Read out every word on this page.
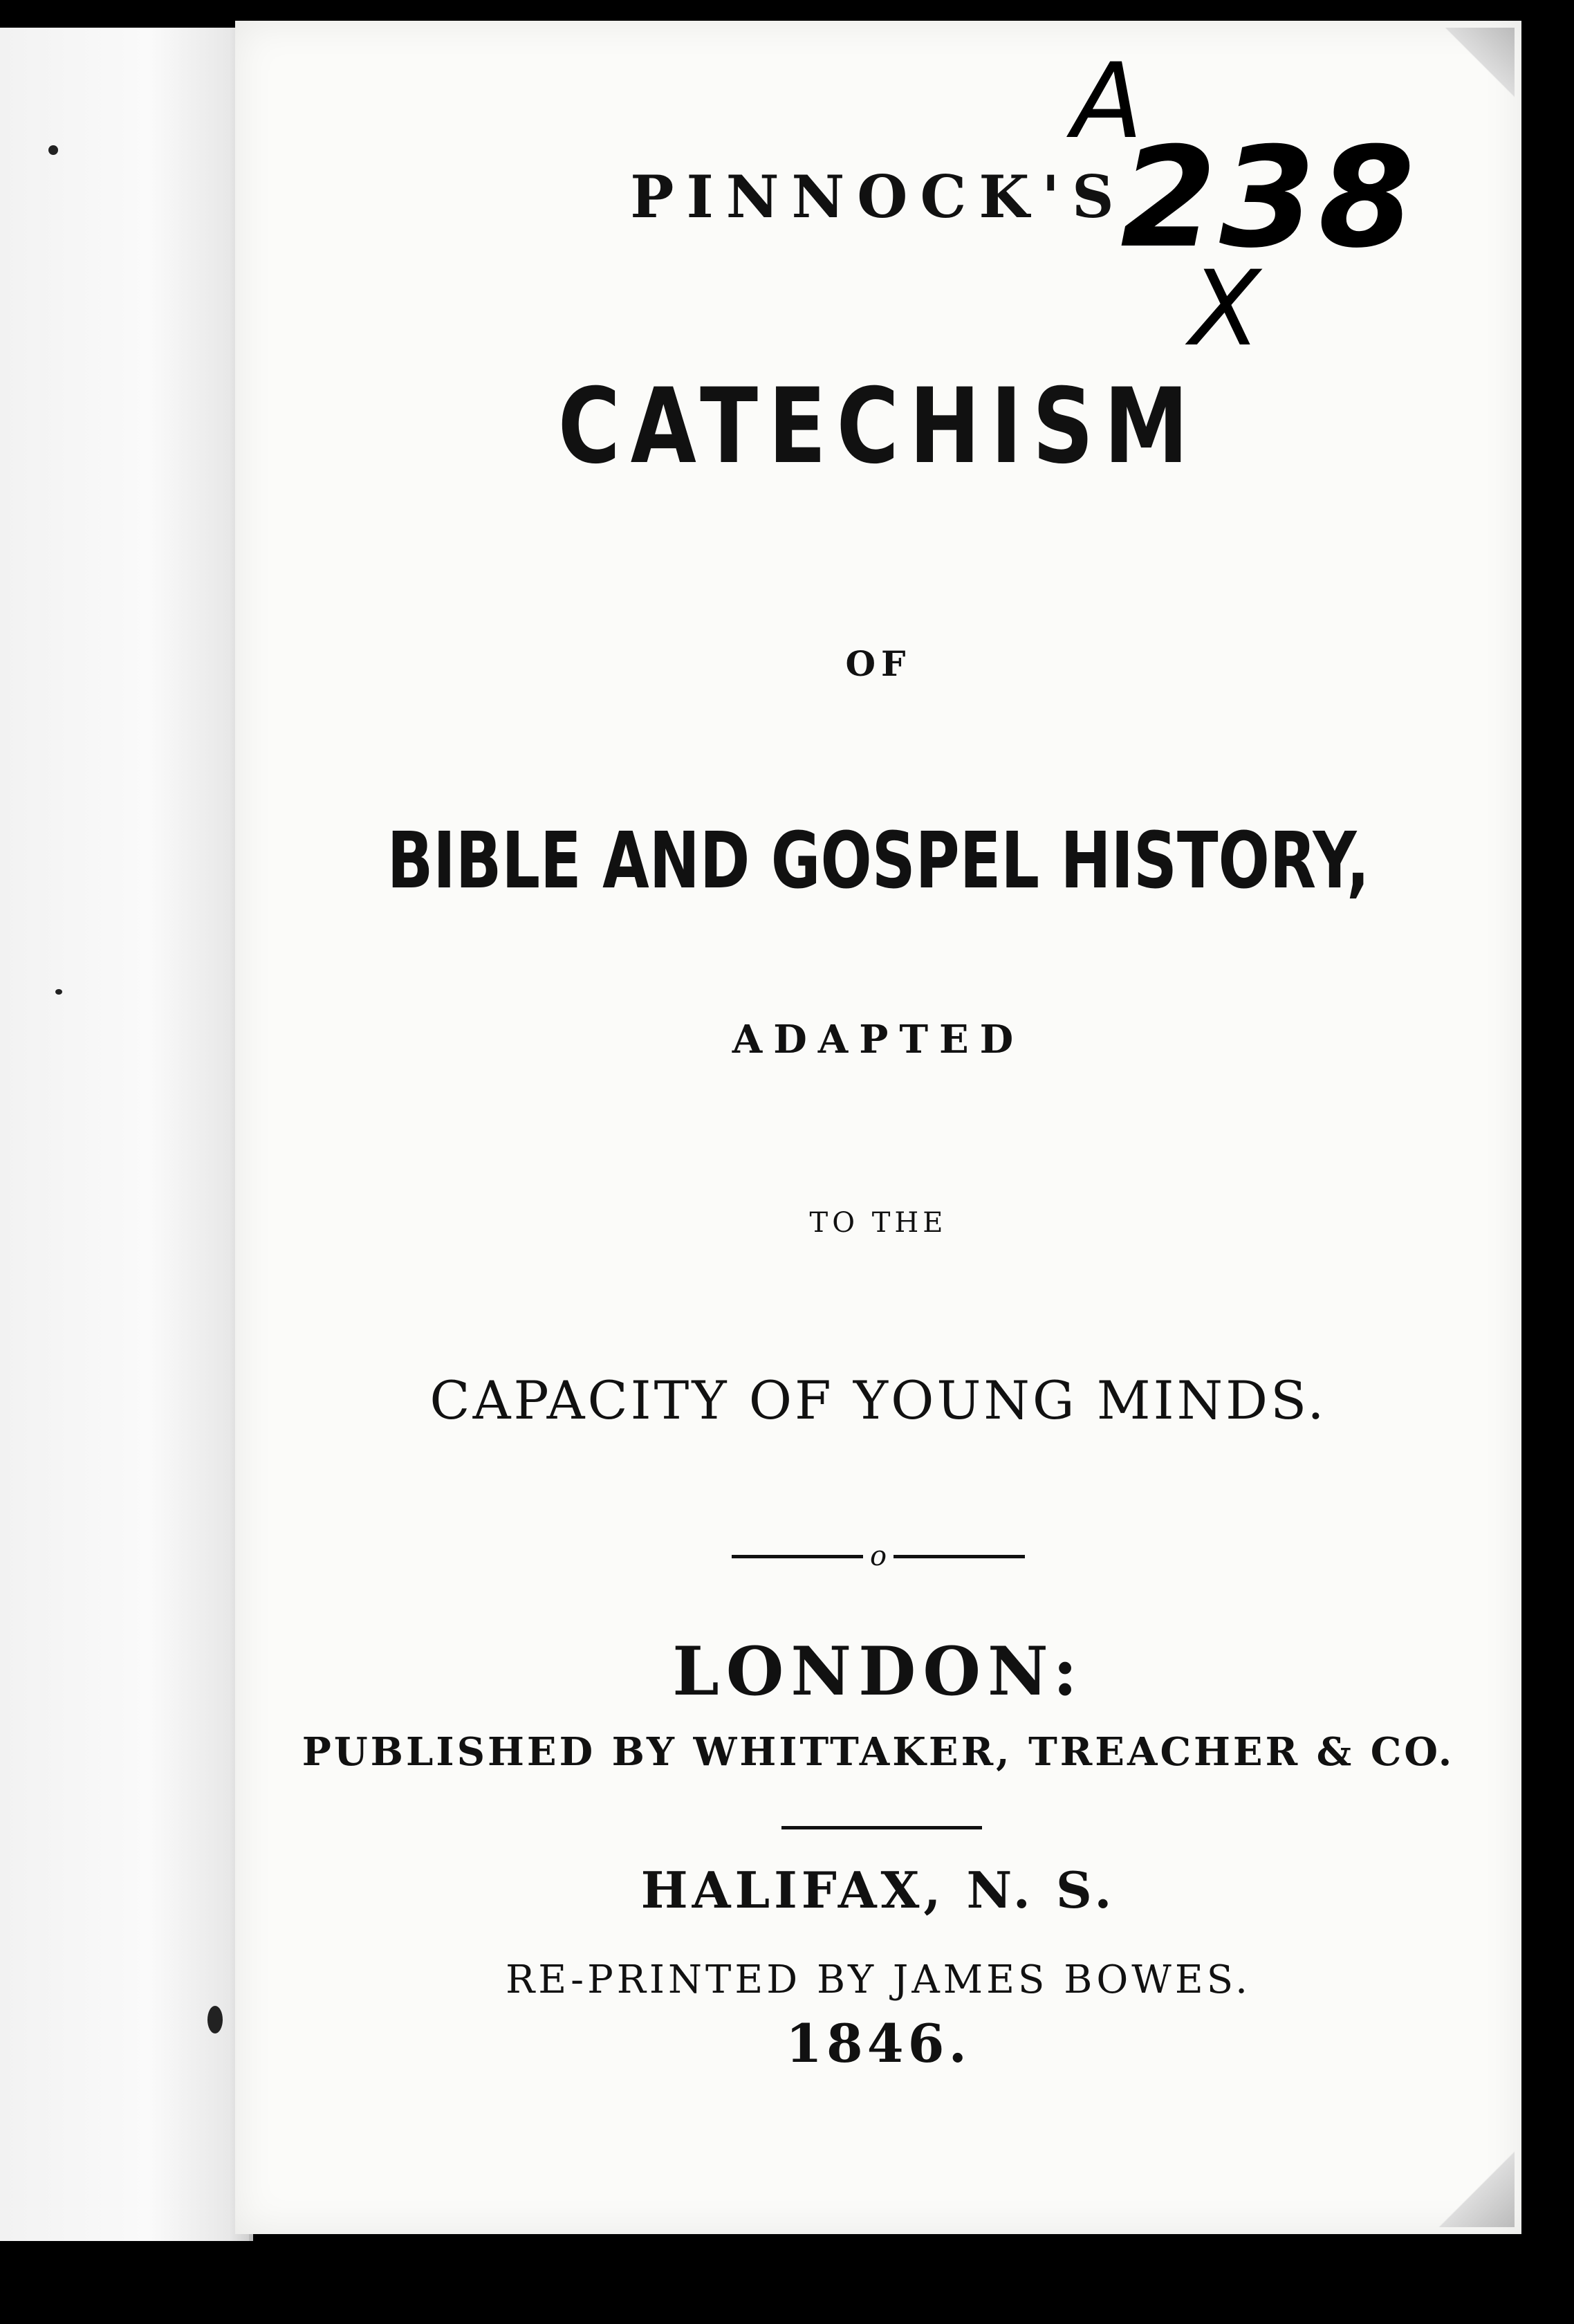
A
238
X
PINNOCK'S
CATECHISM
OF
BIBLE AND GOSPEL HISTORY,
ADAPTED
TO THE
CAPACITY OF YOUNG MINDS.
o
LONDON:
PUBLISHED BY WHITTAKER, TREACHER & CO.
HALIFAX, N. S.
RE-PRINTED BY JAMES BOWES.
1846.
